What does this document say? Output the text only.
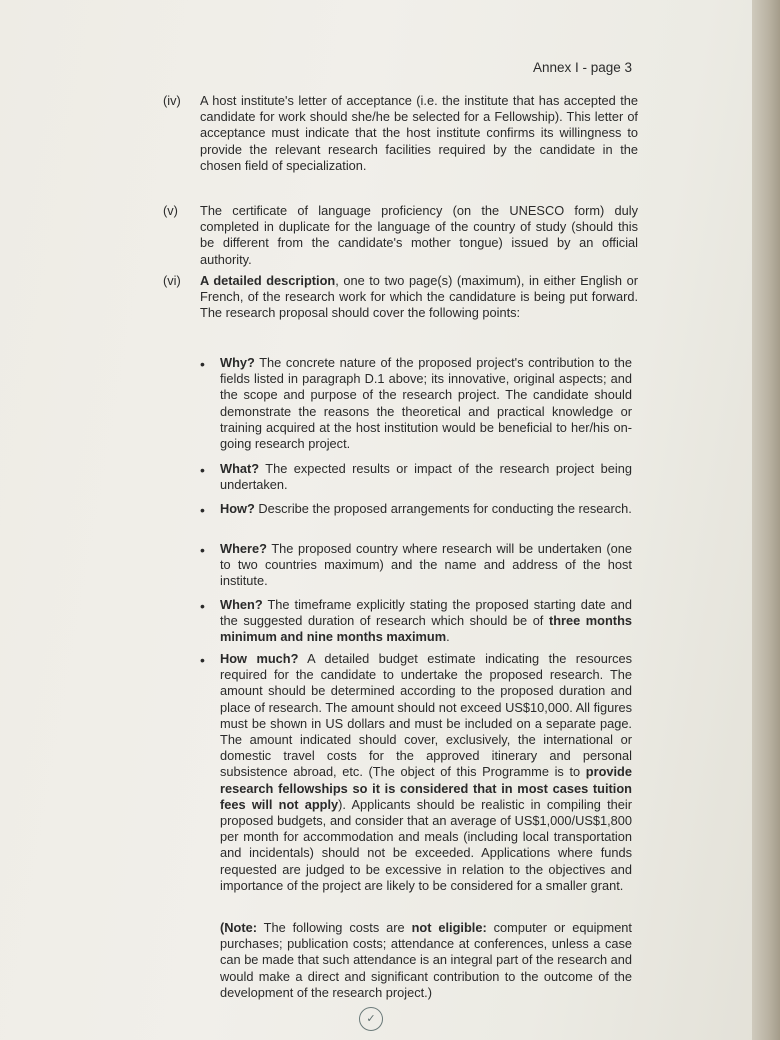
Annex I - page 3
(iv) A host institute's letter of acceptance (i.e. the institute that has accepted the candidate for work should she/he be selected for a Fellowship). This letter of acceptance must indicate that the host institute confirms its willingness to provide the relevant research facilities required by the candidate in the chosen field of specialization.
(v) The certificate of language proficiency (on the UNESCO form) duly completed in duplicate for the language of the country of study (should this be different from the candidate's mother tongue) issued by an official authority.
(vi) A detailed description, one to two page(s) (maximum), in either English or French, of the research work for which the candidature is being put forward. The research proposal should cover the following points:
• Why? The concrete nature of the proposed project's contribution to the fields listed in paragraph D.1 above; its innovative, original aspects; and the scope and purpose of the research project. The candidate should demonstrate the reasons the theoretical and practical knowledge or training acquired at the host institution would be beneficial to her/his on-going research project.
• What? The expected results or impact of the research project being undertaken.
• How? Describe the proposed arrangements for conducting the research.
• Where? The proposed country where research will be undertaken (one to two countries maximum) and the name and address of the host institute.
• When? The timeframe explicitly stating the proposed starting date and the suggested duration of research which should be of three months minimum and nine months maximum.
• How much? A detailed budget estimate indicating the resources required for the candidate to undertake the proposed research. The amount should be determined according to the proposed duration and place of research. The amount should not exceed US$10,000. All figures must be shown in US dollars and must be included on a separate page. The amount indicated should cover, exclusively, the international or domestic travel costs for the approved itinerary and personal subsistence abroad, etc. (The object of this Programme is to provide research fellowships so it is considered that in most cases tuition fees will not apply). Applicants should be realistic in compiling their proposed budgets, and consider that an average of US$1,000/US$1,800 per month for accommodation and meals (including local transportation and incidentals) should not be exceeded. Applications where funds requested are judged to be excessive in relation to the objectives and importance of the project are likely to be considered for a smaller grant.
(Note: The following costs are not eligible: computer or equipment purchases; publication costs; attendance at conferences, unless a case can be made that such attendance is an integral part of the research and would make a direct and significant contribution to the outcome of the development of the research project.)
✓
